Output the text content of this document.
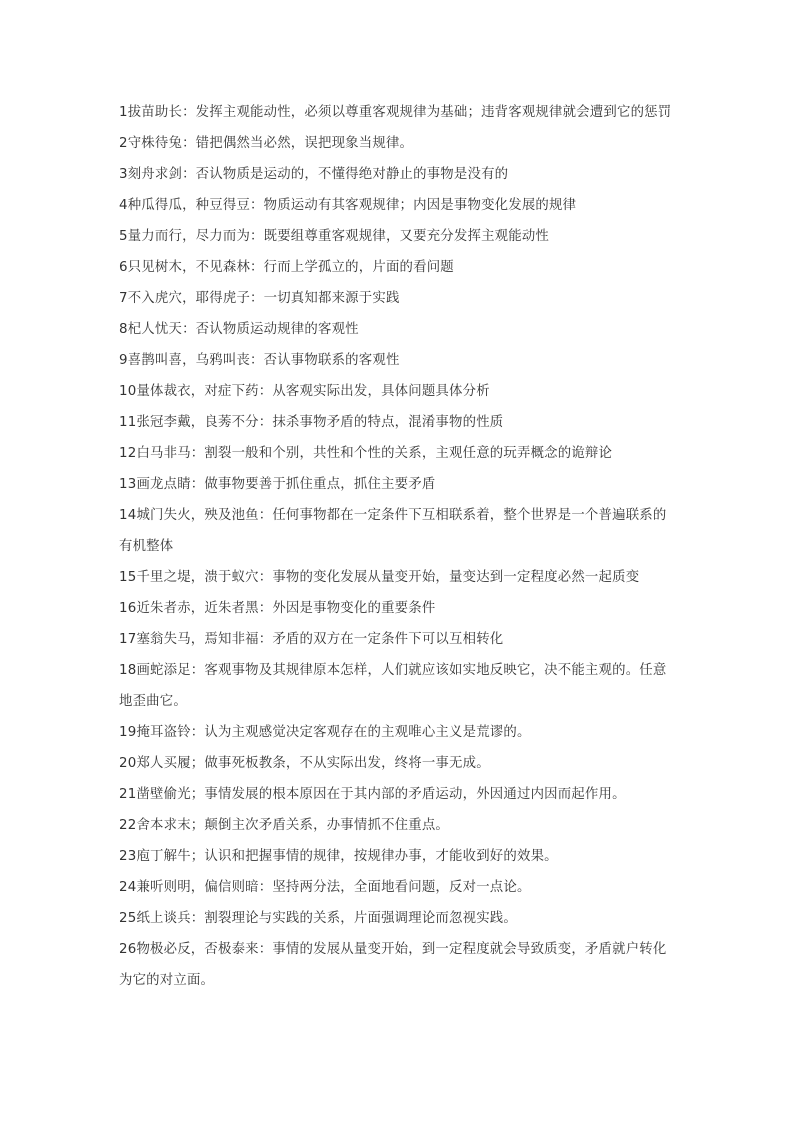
1拔苗助长：发挥主观能动性，必须以尊重客观规律为基础；违背客观规律就会遭到它的惩罚

2守株待兔：错把偶然当必然，误把现象当规律。

3刻舟求剑：否认物质是运动的，不懂得绝对静止的事物是没有的

4种瓜得瓜，种豆得豆：物质运动有其客观规律；内因是事物变化发展的规律

5量力而行，尽力而为：既要组尊重客观规律，又要充分发挥主观能动性

6只见树木，不见森林：行而上学孤立的，片面的看问题

7不入虎穴，耶得虎子：一切真知都来源于实践

8杞人忧天：否认物质运动规律的客观性

9喜鹊叫喜，乌鸦叫丧：否认事物联系的客观性

10量体裁衣，对症下药：从客观实际出发，具体问题具体分析

11张冠李戴，良莠不分：抹杀事物矛盾的特点，混淆事物的性质

12白马非马：割裂一般和个别，共性和个性的关系，主观任意的玩弄概念的诡辩论

13画龙点睛：做事物要善于抓住重点，抓住主要矛盾

14城门失火，殃及池鱼：任何事物都在一定条件下互相联系着，整个世界是一个普遍联系的有机整体

15千里之堤，溃于蚁穴：事物的变化发展从量变开始，量变达到一定程度必然一起质变

16近朱者赤，近朱者黑：外因是事物变化的重要条件

17塞翁失马，焉知非福：矛盾的双方在一定条件下可以互相转化

18画蛇添足：客观事物及其规律原本怎样，人们就应该如实地反映它，决不能主观的。任意地歪曲它。

19掩耳盗铃：认为主观感觉决定客观存在的主观唯心主义是荒谬的。

20郑人买履；做事死板教条，不从实际出发，终将一事无成。

21凿壁偷光；事情发展的根本原因在于其内部的矛盾运动，外因通过内因而起作用。

22舍本求末；颠倒主次矛盾关系，办事情抓不住重点。

23庖丁解牛；认识和把握事情的规律，按规律办事，才能收到好的效果。

24兼听则明，偏信则暗：坚持两分法，全面地看问题，反对一点论。

25纸上谈兵：割裂理论与实践的关系，片面强调理论而忽视实践。

26物极必反，否极泰来：事情的发展从量变开始，到一定程度就会导致质变，矛盾就户转化为它的对立面。
